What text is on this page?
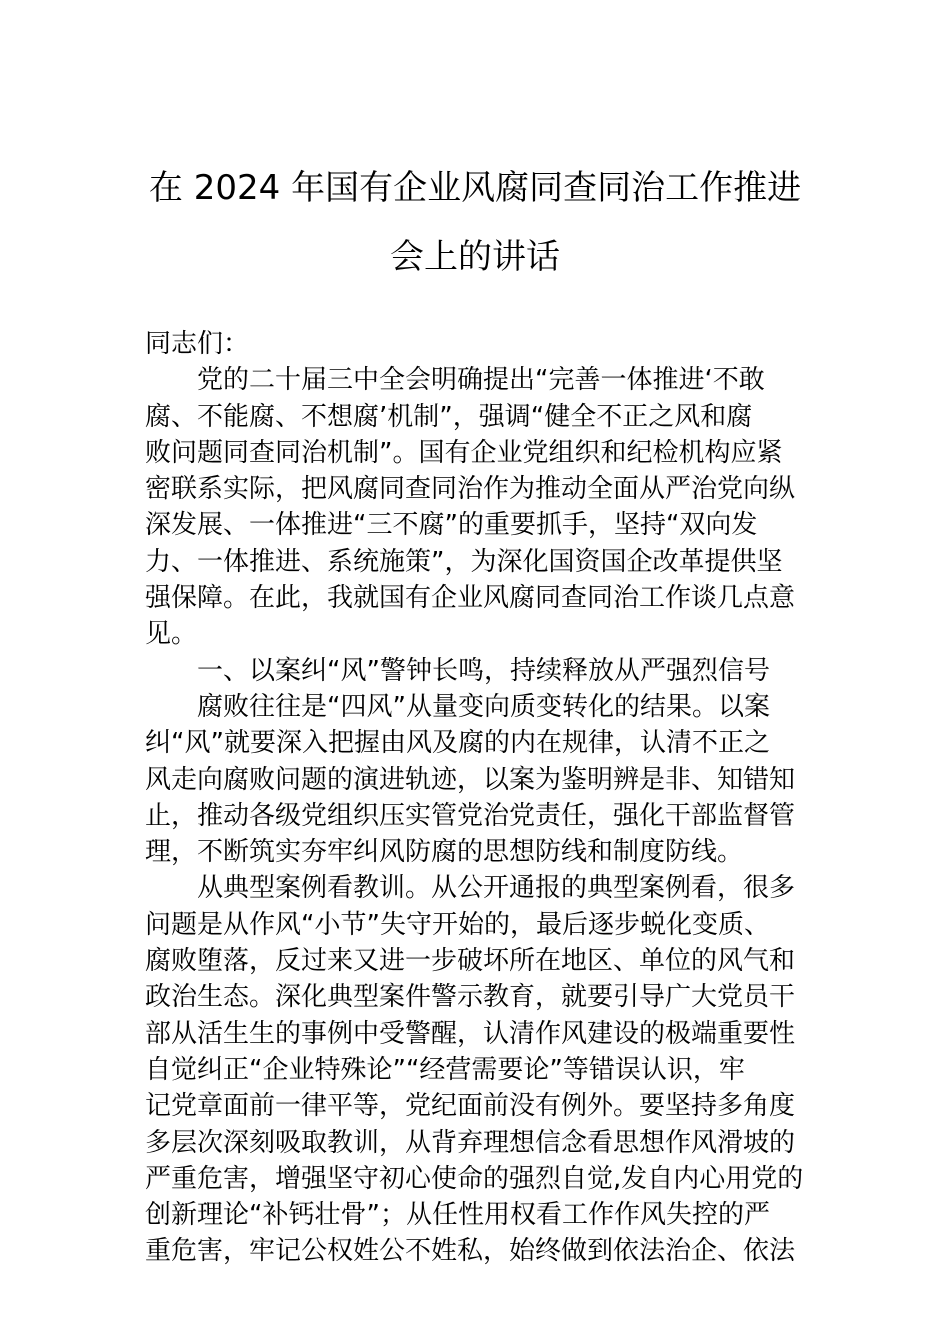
在 2024 年国有企业风腐同查同治工作推进
会上的讲话
同志们：
党的二十届三中全会明确提出“完善一体推进‘不敢
腐、不能腐、不想腐’机制”，强调“健全不正之风和腐
败问题同查同治机制”。国有企业党组织和纪检机构应紧
密联系实际，把风腐同查同治作为推动全面从严治党向纵
深发展、一体推进“三不腐”的重要抓手，坚持“双向发
力、一体推进、系统施策”，为深化国资国企改革提供坚
强保障。在此，我就国有企业风腐同查同治工作谈几点意
见。
一、以案纠“风”警钟长鸣，持续释放从严强烈信号
腐败往往是“四风”从量变向质变转化的结果。以案
纠“风”就要深入把握由风及腐的内在规律，认清不正之
风走向腐败问题的演进轨迹，以案为鉴明辨是非、知错知
止，推动各级党组织压实管党治党责任，强化干部监督管
理，不断筑实夯牢纠风防腐的思想防线和制度防线。
从典型案例看教训。从公开通报的典型案例看，很多
问题是从作风“小节”失守开始的，最后逐步蜕化变质、
腐败堕落，反过来又进一步破坏所在地区、单位的风气和
政治生态。深化典型案件警示教育，就要引导广大党员干
部从活生生的事例中受警醒，认清作风建设的极端重要性
自觉纠正“企业特殊论”“经营需要论”等错误认识，牢
记党章面前一律平等，党纪面前没有例外。要坚持多角度
多层次深刻吸取教训，从背弃理想信念看思想作风滑坡的
严重危害，增强坚守初心使命的强烈自觉,发自内心用党的
创新理论“补钙壮骨”；从任性用权看工作作风失控的严
重危害，牢记公权姓公不姓私，始终做到依法治企、依法
